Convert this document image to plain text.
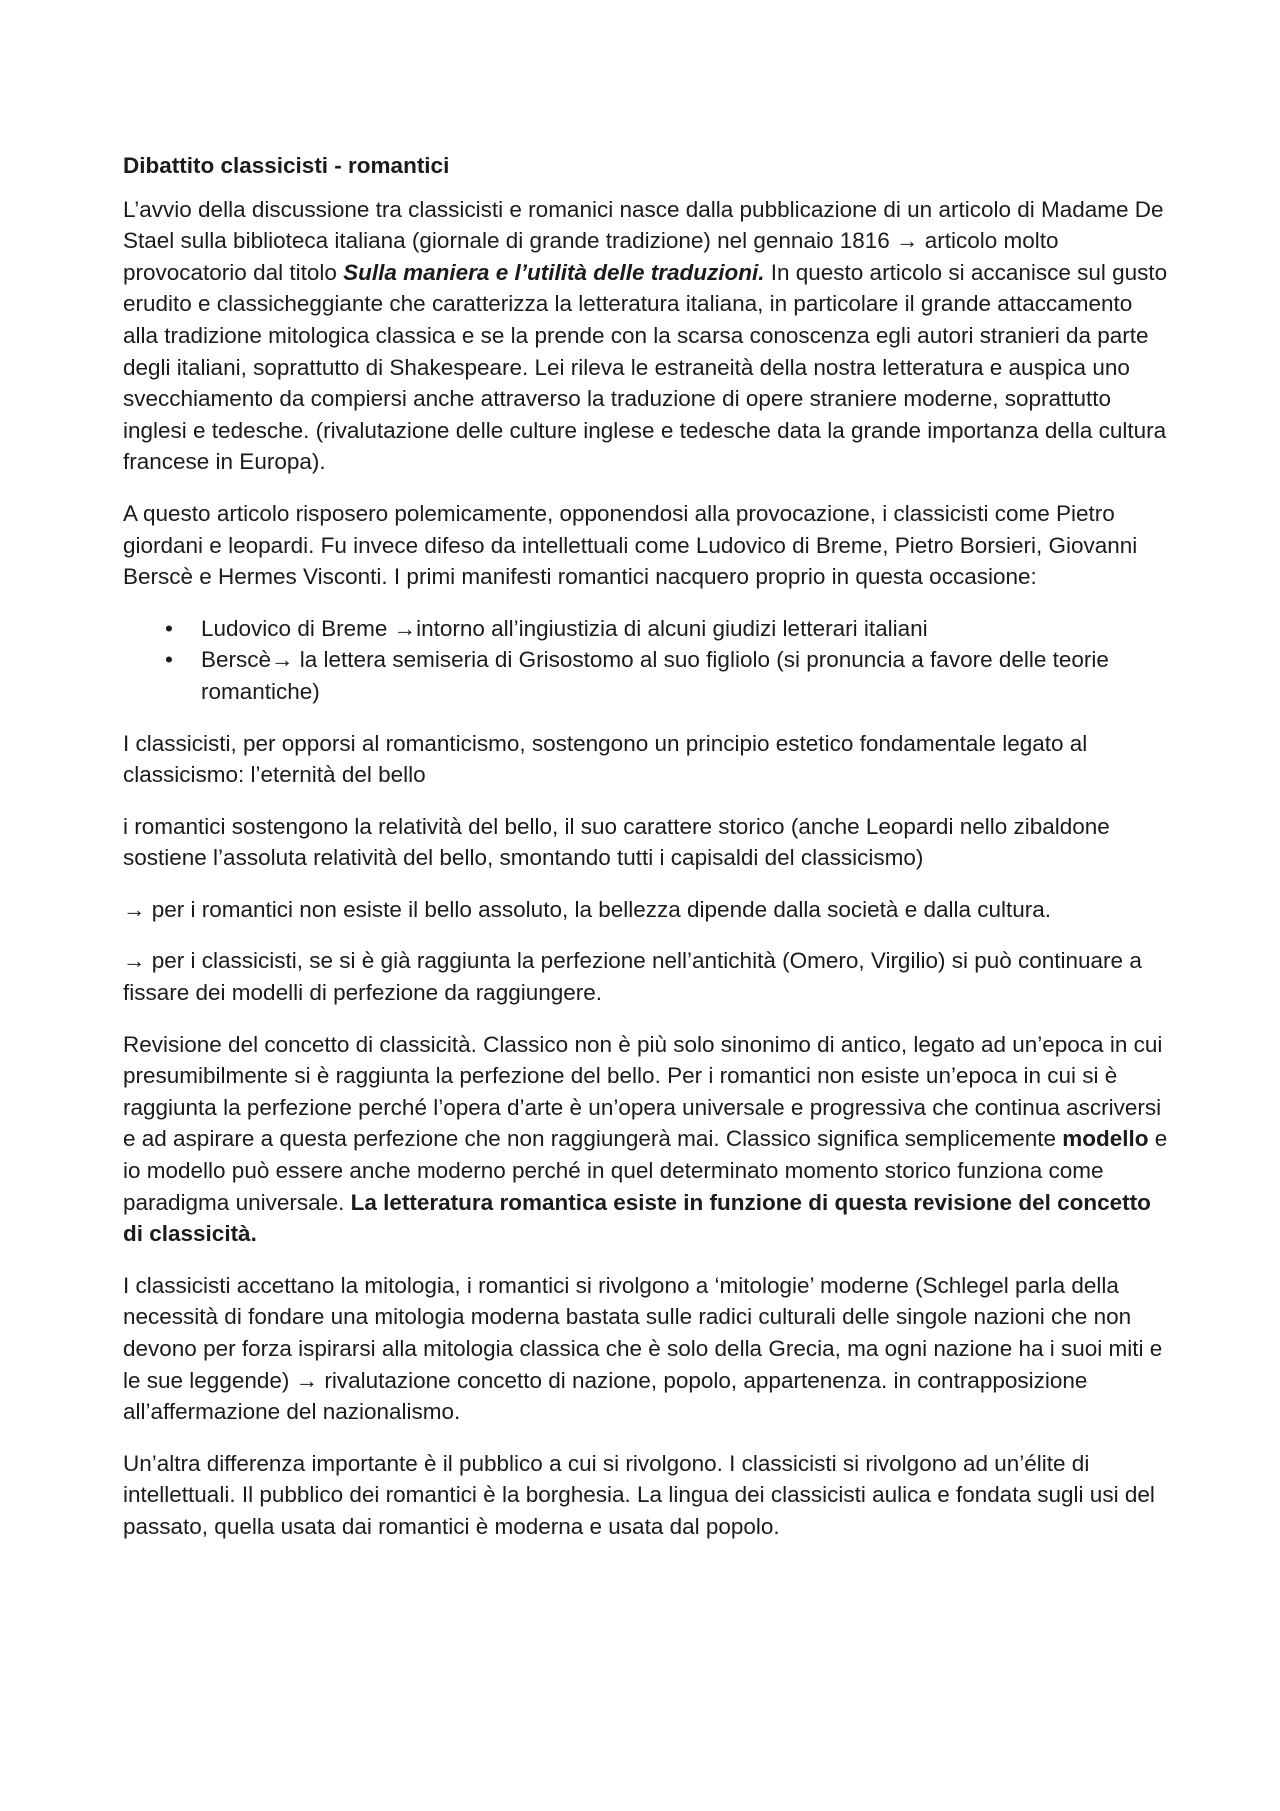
Dibattito classicisti - romantici

L’avvio della discussione tra classicisti e romanici nasce dalla pubblicazione di un articolo di Madame De Stael sulla biblioteca italiana (giornale di grande tradizione) nel gennaio 1816 → articolo molto provocatorio dal titolo Sulla maniera e l’utilità delle traduzioni. In questo articolo si accanisce sul gusto erudito e classicheggiante che caratterizza la letteratura italiana, in particolare il grande attaccamento alla tradizione mitologica classica e se la prende con la scarsa conoscenza egli autori stranieri da parte degli italiani, soprattutto di Shakespeare. Lei rileva le estraneità della nostra letteratura e auspica uno svecchiamento da compiersi anche attraverso la traduzione di opere straniere moderne, soprattutto inglesi e tedesche. (rivalutazione delle culture inglese e tedesche data la grande importanza della cultura francese in Europa).

A questo articolo risposero polemicamente, opponendosi alla provocazione, i classicisti come Pietro giordani e leopardi. Fu invece difeso da intellettuali come Ludovico di Breme, Pietro Borsieri, Giovanni Berscè e Hermes Visconti. I primi manifesti romantici nacquero proprio in questa occasione:

• Ludovico di Breme →intorno all’ingiustizia di alcuni giudizi letterari italiani
• Berscè→ la lettera semiseria di Grisostomo al suo figliolo (si pronuncia a favore delle teorie romantiche)

I classicisti, per opporsi al romanticismo, sostengono un principio estetico fondamentale legato al classicismo: l’eternità del bello

i romantici sostengono la relatività del bello, il suo carattere storico (anche Leopardi nello zibaldone sostiene l’assoluta relatività del bello, smontando tutti i capisaldi del classicismo)

→ per i romantici non esiste il bello assoluto, la bellezza dipende dalla società e dalla cultura.

→ per i classicisti, se si è già raggiunta la perfezione nell’antichità (Omero, Virgilio) si può continuare a fissare dei modelli di perfezione da raggiungere.

Revisione del concetto di classicità. Classico non è più solo sinonimo di antico, legato ad un’epoca in cui presumibilmente si è raggiunta la perfezione del bello. Per i romantici non esiste un’epoca in cui si è raggiunta la perfezione perché l’opera d’arte è un’opera universale e progressiva che continua ascriversi e ad aspirare a questa perfezione che non raggiungerà mai. Classico significa semplicemente modello e io modello può essere anche moderno perché in quel determinato momento storico funziona come paradigma universale. La letteratura romantica esiste in funzione di questa revisione del concetto di classicità.

I classicisti accettano la mitologia, i romantici si rivolgono a ‘mitologie’ moderne (Schlegel parla della necessità di fondare una mitologia moderna bastata sulle radici culturali delle singole nazioni che non devono per forza ispirarsi alla mitologia classica che è solo della Grecia, ma ogni nazione ha i suoi miti e le sue leggende) → rivalutazione concetto di nazione, popolo, appartenenza. in contrapposizione all’affermazione del nazionalismo.

Un’altra differenza importante è il pubblico a cui si rivolgono. I classicisti si rivolgono ad un’élite di intellettuali. Il pubblico dei romantici è la borghesia. La lingua dei classicisti aulica e fondata sugli usi del passato, quella usata dai romantici è moderna e usata dal popolo.
